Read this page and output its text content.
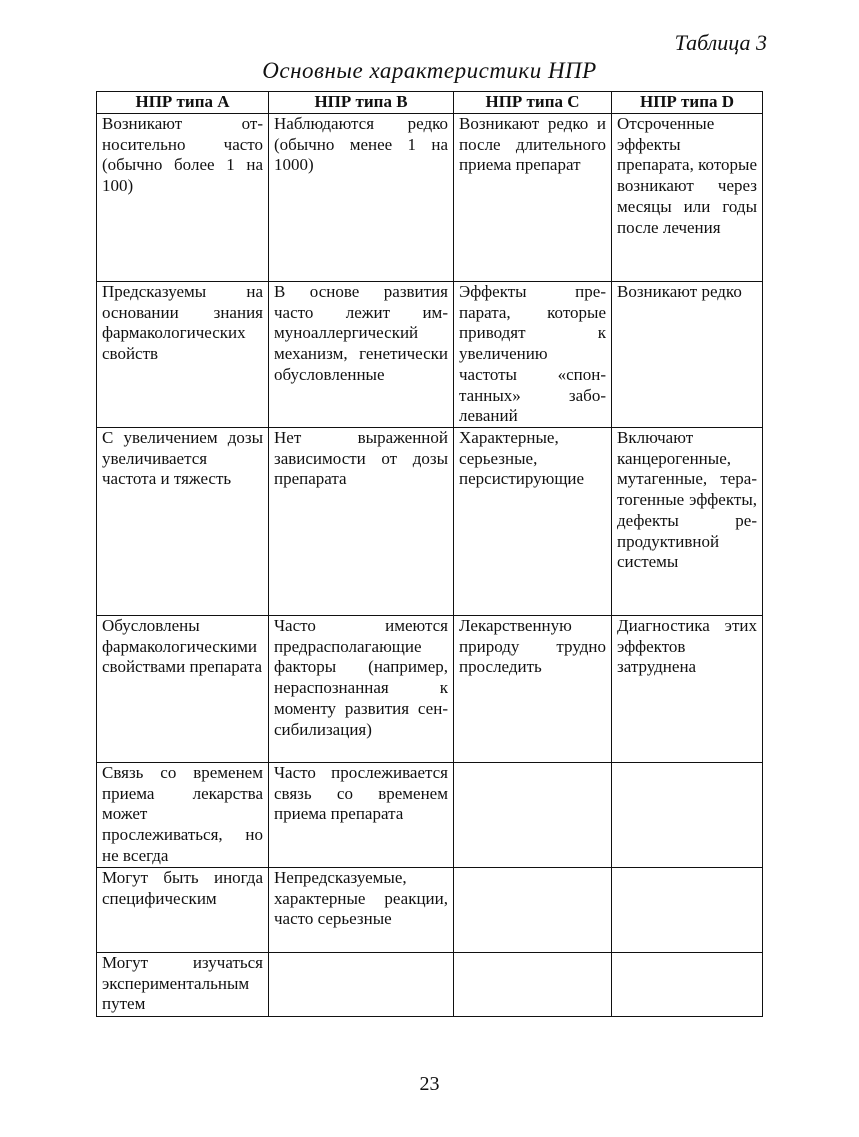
Таблица 3
Основные характеристики НПР
НПР типа A	НПР типа B	НПР типа C	НПР типа D
Возникают относительно часто (обычно более 1 на 100)	Наблюдаются редко (обычно менее 1 на 1000)	Возникают редко и после длительного приема препарат	Отсроченные эффекты препарата, которые возникают через месяцы или годы после лечения
Предсказуемы на основании знания фармакологических свойств	В основе развития часто лежит иммуноаллергический механизм, генетически обусловленные	Эффекты препарата, которые приводят к увеличению частоты «спонтанных» заболеваний	Возникают редко
С увеличением дозы увеличивается частота и тяжесть	Нет выраженной зависимости от дозы препарата	Характерные, серьезные, персистирующие	Включают канцерогенные, мутагенные, тератогенные эффекты, дефекты репродуктивной системы
Обусловлены фармакологическими свойствами препарата	Часто имеются предрасполагающие факторы (например, нераспознанная к моменту развития сенсибилизация)	Лекарственную природу трудно проследить	Диагностика этих эффектов затруднена
Связь со временем приема лекарства может прослеживаться, но не всегда	Часто прослеживается связь со временем приема препарата		
Могут быть иногда специфическим	Непредсказуемые, характерные реакции, часто серьезные		
Могут изучаться экспериментальным путем			
23
